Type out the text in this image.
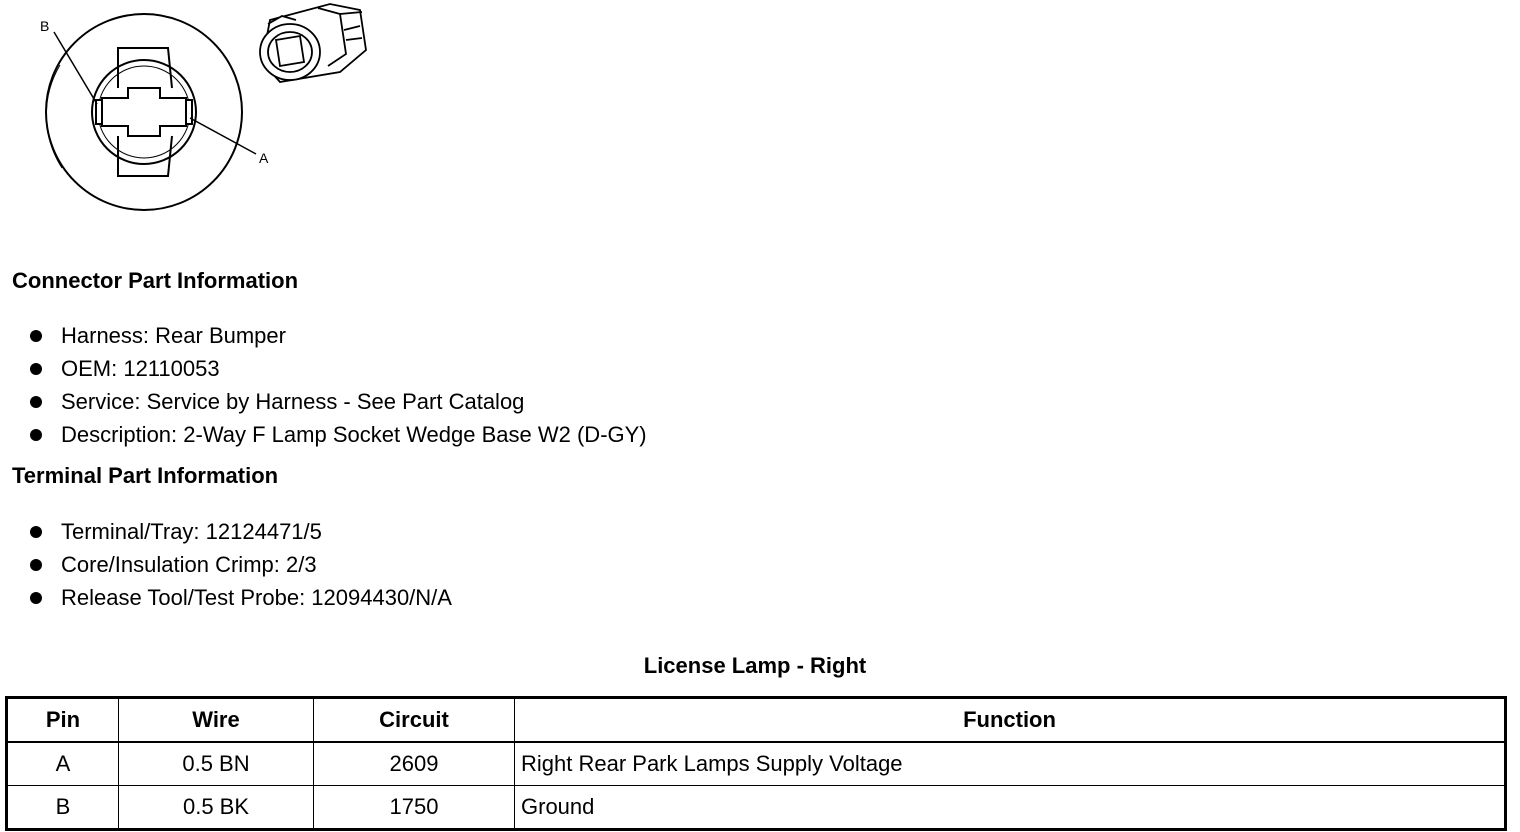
B
A
Connector Part Information
Harness: Rear Bumper
OEM: 12110053
Service: Service by Harness - See Part Catalog
Description: 2-Way F Lamp Socket Wedge Base W2 (D-GY)
Terminal Part Information
Terminal/Tray: 12124471/5
Core/Insulation Crimp: 2/3
Release Tool/Test Probe: 12094430/N/A
License Lamp - Right
Pin	Wire	Circuit	Function
A	0.5 BN	2609	Right Rear Park Lamps Supply Voltage
B	0.5 BK	1750	Ground
